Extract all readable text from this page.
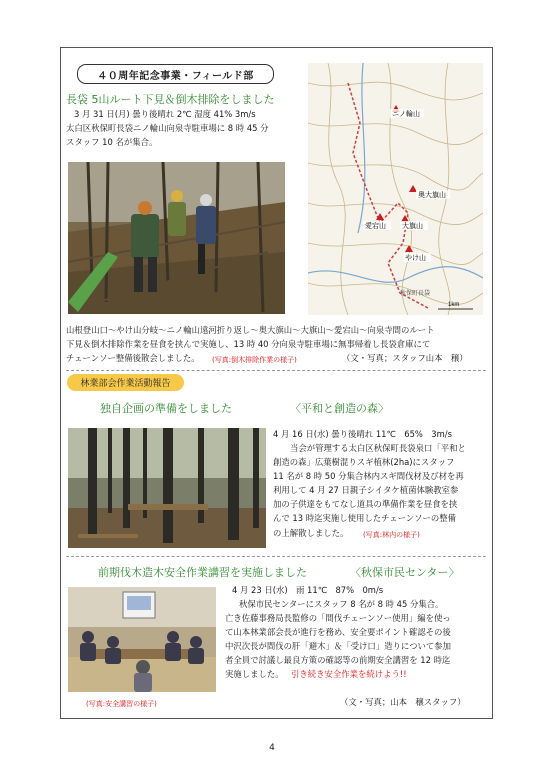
４０周年記念事業・フィールド部
長袋 5山ルート下見＆倒木排除をしました
3 月 31 日(月) 曇り後晴れ 2℃ 湿度 41% 3m/s
太白区秋保町長袋ニノ輪山向泉寺駐車場に 8 時 45 分
スタッフ 10 名が集合。
ニノ輪山
奥大旗山
愛宕山 大旗山
やけ山
秋保町長袋
1km
山根登山口～やけ山分岐～ニノ輪山遠河折り返し～奥大旗山～大旗山～愛宕山～向泉寺間のルート
下見＆倒木排除作業を昼食を挟んで実施し、13 時 40 分向泉寺駐車場に無事帰着し長袋倉庫にて
チェーンソー整備後散会しました。 (写真:倒木排除作業の様子)	（文・写真；スタッフ山本　穣）
林業部会作業活動報告
独自企画の準備をしました	〈平和と創造の森〉
4 月 16 日(水) 曇り後晴れ 11℃　65%　3m/s
当会が管理する太白区秋保町長袋泉口「平和と
創造の森」広葉樹混りスギ植林(2ha)にスタッフ
11 名が 8 時 50 分集合林内スギ間伐材及び材を再
利用して 4 月 27 日親子シイタケ植菌体験教室参
加の子供達をもてなし道具の準備作業を昼食を挟
んで 13 時迄実施し使用したチェーンソーの整備
の上解散しました。 (写真:林内の様子)
前期伐木造木安全作業講習を実施しました	〈秋保市民センター〉
4 月 23 日(水)　雨 11℃　87%　0m/s
秋保市民センターにスタッフ 8 名が 8 時 45 分集合。
亡き佐藤事務局長監修の「間伐チェーンソー使用」編を使っ
て山本林業部会長が進行を務め、安全要ポイント確認その後
中沢次長が間伐の肝「避木」＆「受け口」造りについて参加
者全員で討議し最良方策の確認等の前期安全講習を 12 時迄
実施しました。 引き続き安全作業を続けよう!!
(写真:安全講習の様子)	（文・写真；山本　穣スタッフ）
4
